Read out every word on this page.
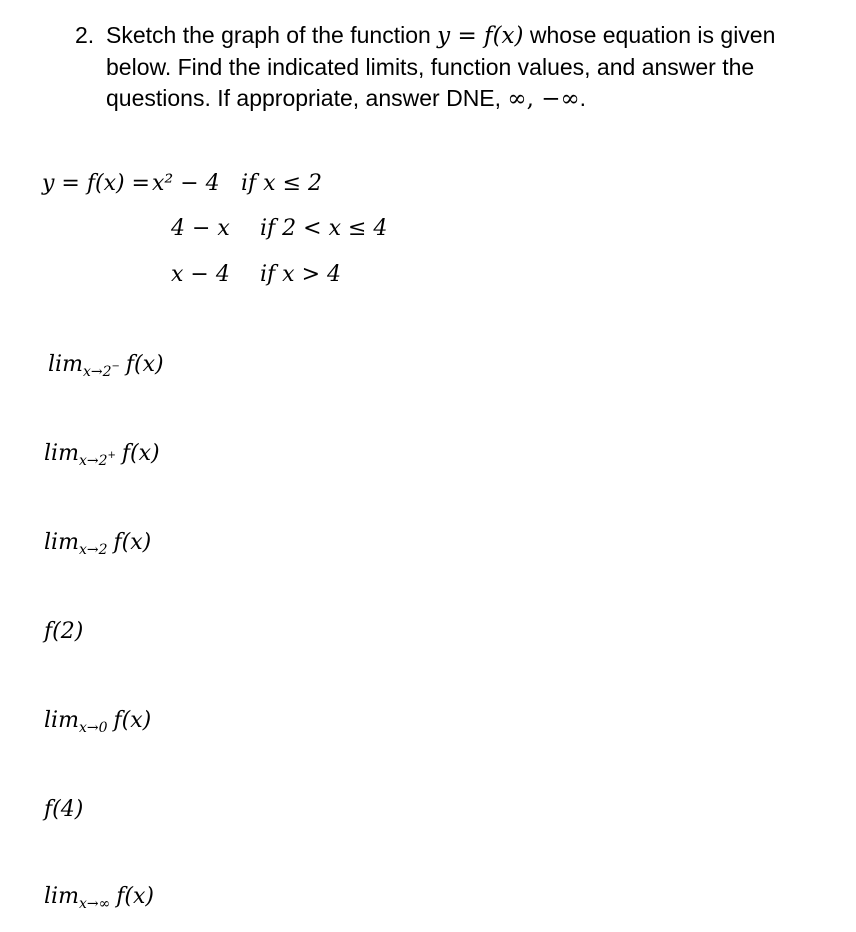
2. Sketch the graph of the function y = f(x) whose equation is given
below. Find the indicated limits, function values, and answer the
questions. If appropriate, answer DNE, ∞, −∞.
y = f(x) = x² − 4 if x ≤ 2
4 − x if 2 < x ≤ 4
x − 4 if x > 4
$\lim_{x\to 2^-} f(x)$
$\lim_{x\to 2^+} f(x)$
$\lim_{x\to 2} f(x)$
f(2)
$\lim_{x\to 0} f(x)$
f(4)
$\lim_{x\to\infty} f(x)$
